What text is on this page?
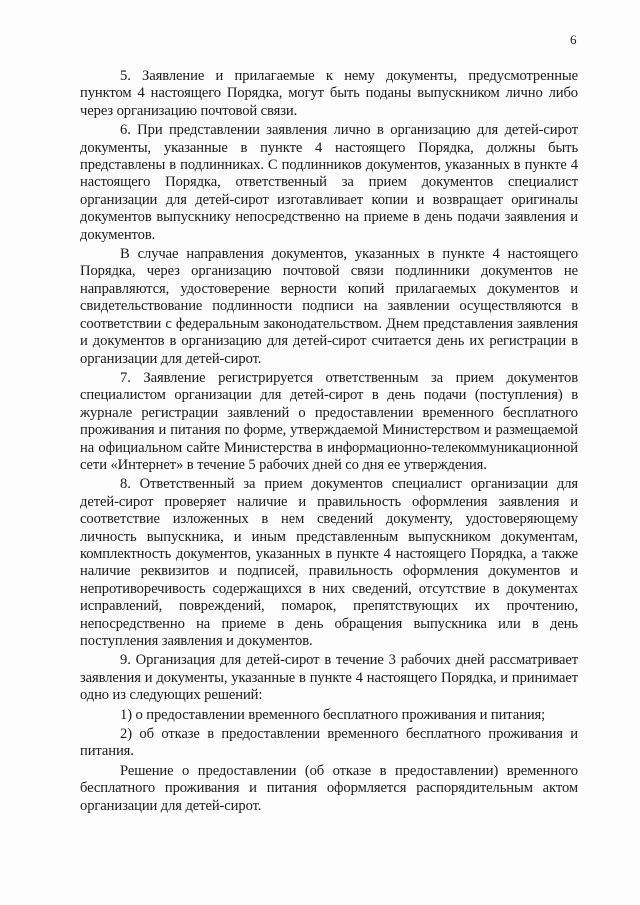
6

5. Заявление и прилагаемые к нему документы, предусмотренные пунктом 4 настоящего Порядка, могут быть поданы выпускником лично либо через организацию почтовой связи.

6. При представлении заявления лично в организацию для детей-сирот документы, указанные в пункте 4 настоящего Порядка, должны быть представлены в подлинниках. С подлинников документов, указанных в пункте 4 настоящего Порядка, ответственный за прием документов специалист организации для детей-сирот изготавливает копии и возвращает оригиналы документов выпускнику непосредственно на приеме в день подачи заявления и документов.

В случае направления документов, указанных в пункте 4 настоящего Порядка, через организацию почтовой связи подлинники документов не направляются, удостоверение верности копий прилагаемых документов и свидетельствование подлинности подписи на заявлении осуществляются в соответствии с федеральным законодательством. Днем представления заявления и документов в организацию для детей-сирот считается день их регистрации в организации для детей-сирот.

7. Заявление регистрируется ответственным за прием документов специалистом организации для детей-сирот в день подачи (поступления) в журнале регистрации заявлений о предоставлении временного бесплатного проживания и питания по форме, утверждаемой Министерством и размещаемой на официальном сайте Министерства в информационно-телекоммуникационной сети «Интернет» в течение 5 рабочих дней со дня ее утверждения.

8. Ответственный за прием документов специалист организации для детей-сирот проверяет наличие и правильность оформления заявления и соответствие изложенных в нем сведений документу, удостоверяющему личность выпускника, и иным представленным выпускником документам, комплектность документов, указанных в пункте 4 настоящего Порядка, а также наличие реквизитов и подписей, правильность оформления документов и непротиворечивость содержащихся в них сведений, отсутствие в документах исправлений, повреждений, помарок, препятствующих их прочтению, непосредственно на приеме в день обращения выпускника или в день поступления заявления и документов.

9. Организация для детей-сирот в течение 3 рабочих дней рассматривает заявления и документы, указанные в пункте 4 настоящего Порядка, и принимает одно из следующих решений:

1) о предоставлении временного бесплатного проживания и питания;

2) об отказе в предоставлении временного бесплатного проживания и питания.

Решение о предоставлении (об отказе в предоставлении) временного бесплатного проживания и питания оформляется распорядительным актом организации для детей-сирот.
